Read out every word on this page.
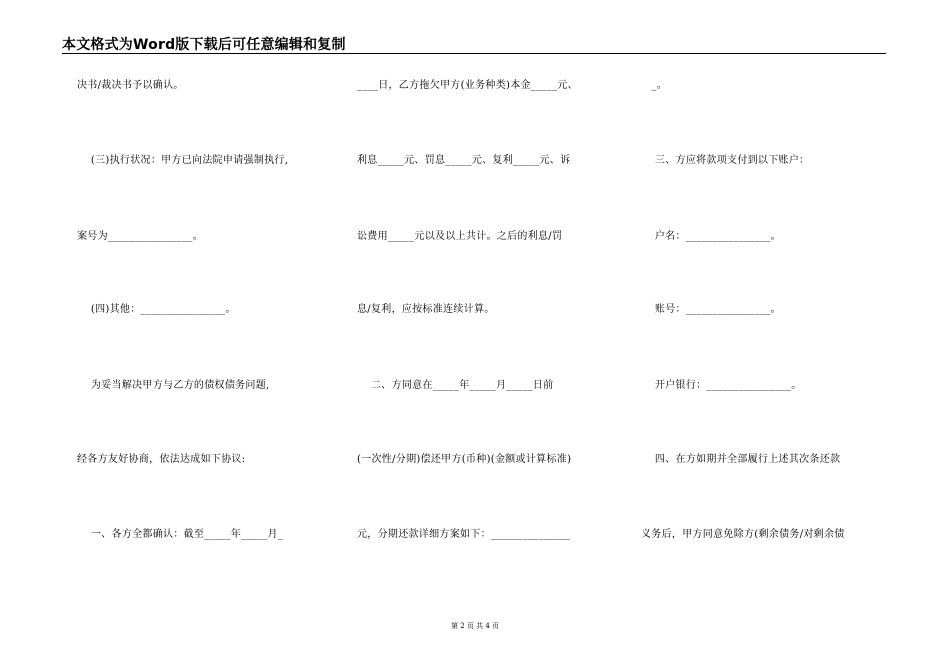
本文格式为Word版下载后可任意编辑和复制
决书/裁决书予以确认。
(三)执行状况：甲方已向法院申请强制执行,
案号为________________。
(四)其他：________________。
为妥当解决甲方与乙方的债权债务问题,
经各方友好协商，依法达成如下协议:
一、各方全都确认：截至_____年_____月_
____日，乙方拖欠甲方(业务种类)本金_____元、
利息_____元、罚息_____元、复利_____元、诉
讼费用_____元以及以上共计。之后的利息/罚
息/复利，应按标准连续计算。
二、方同意在_____年_____月_____日前
(一次性/分期)偿还甲方(币种)(金额或计算标准)
元，分期还款详细方案如下：_______________
_。
三、方应将款项支付到以下账户：
户名：________________。
账号：________________。
开户银行：________________。
四、在方如期并全部履行上述其次条还款
义务后，甲方同意免除方(剩余债务/对剩余债
第 2 页 共 4 页
